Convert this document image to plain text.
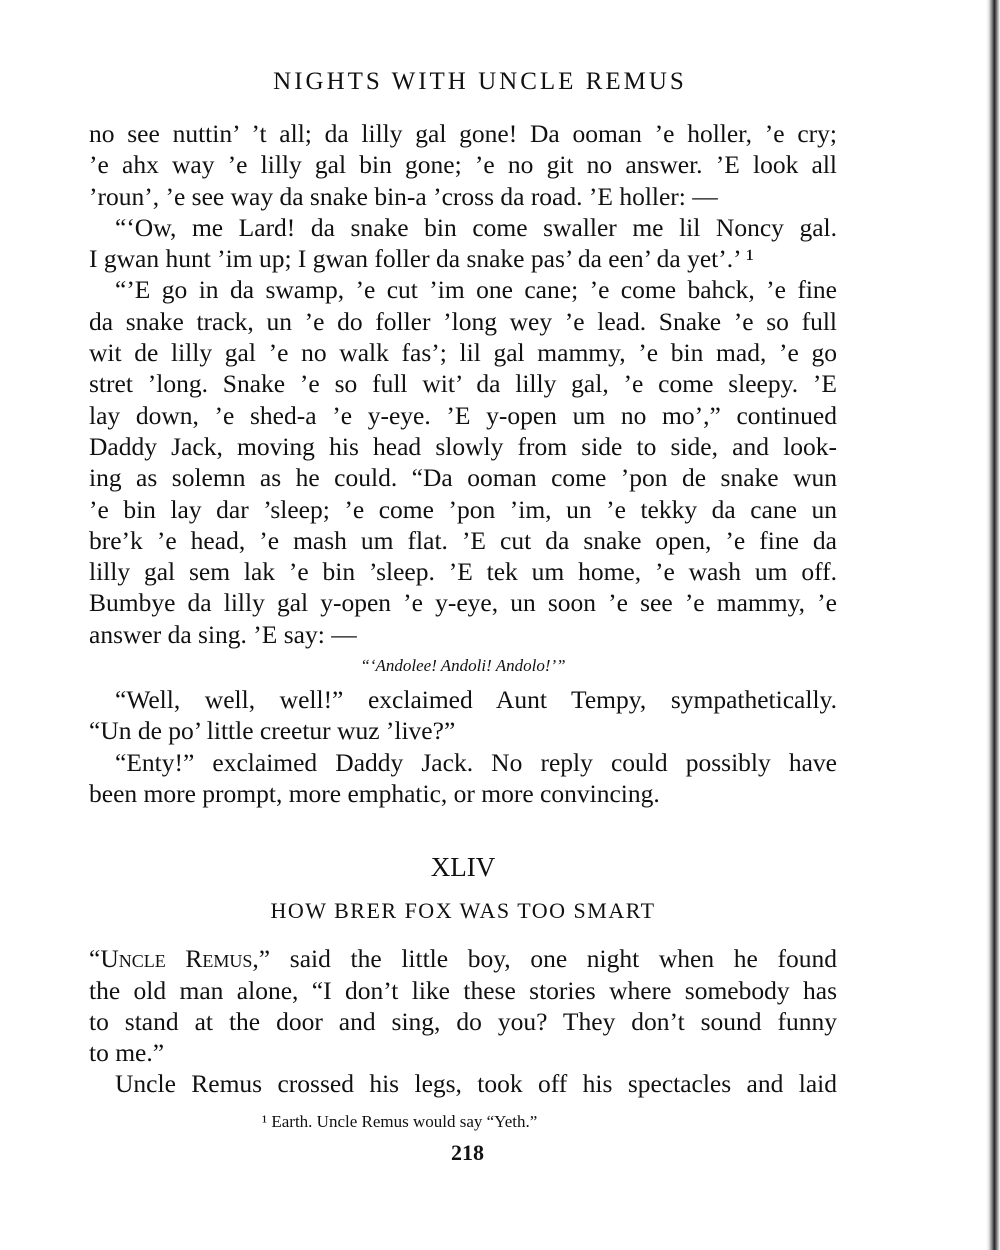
NIGHTS WITH UNCLE REMUS
no see nuttin’ ’t all; da lilly gal gone! Da ooman ’e holler, ’e cry;
’e ahx way ’e lilly gal bin gone; ’e no git no answer. ’E look all
’roun’, ’e see way da snake bin-a ’cross da road. ’E holler: —
“‘Ow, me Lard! da snake bin come swaller me lil Noncy gal.
I gwan hunt ’im up; I gwan foller da snake pas’ da een’ da yet’.’ ¹
“’E go in da swamp, ’e cut ’im one cane; ’e come bahck, ’e fine
da snake track, un ’e do foller ’long wey ’e lead. Snake ’e so full
wit de lilly gal ’e no walk fas’; lil gal mammy, ’e bin mad, ’e go
stret ’long. Snake ’e so full wit’ da lilly gal, ’e come sleepy. ’E
lay down, ’e shed-a ’e y-eye. ’E y-open um no mo’,” continued
Daddy Jack, moving his head slowly from side to side, and look-
ing as solemn as he could. “Da ooman come ’pon de snake wun
’e bin lay dar ’sleep; ’e come ’pon ’im, un ’e tekky da cane un
bre’k ’e head, ’e mash um flat. ’E cut da snake open, ’e fine da
lilly gal sem lak ’e bin ’sleep. ’E tek um home, ’e wash um off.
Bumbye da lilly gal y-open ’e y-eye, un soon ’e see ’e mammy, ’e
answer da sing. ’E say: —
“‘Andolee! Andoli! Andolo!’”
“Well, well, well!” exclaimed Aunt Tempy, sympathetically.
“Un de po’ little creetur wuz ’live?”
“Enty!” exclaimed Daddy Jack. No reply could possibly have
been more prompt, more emphatic, or more convincing.
XLIV
HOW BRER FOX WAS TOO SMART
“Uncle Remus,” said the little boy, one night when he found
the old man alone, “I don’t like these stories where somebody has
to stand at the door and sing, do you? They don’t sound funny
to me.”
Uncle Remus crossed his legs, took off his spectacles and laid
¹ Earth. Uncle Remus would say “Yeth.”
218
